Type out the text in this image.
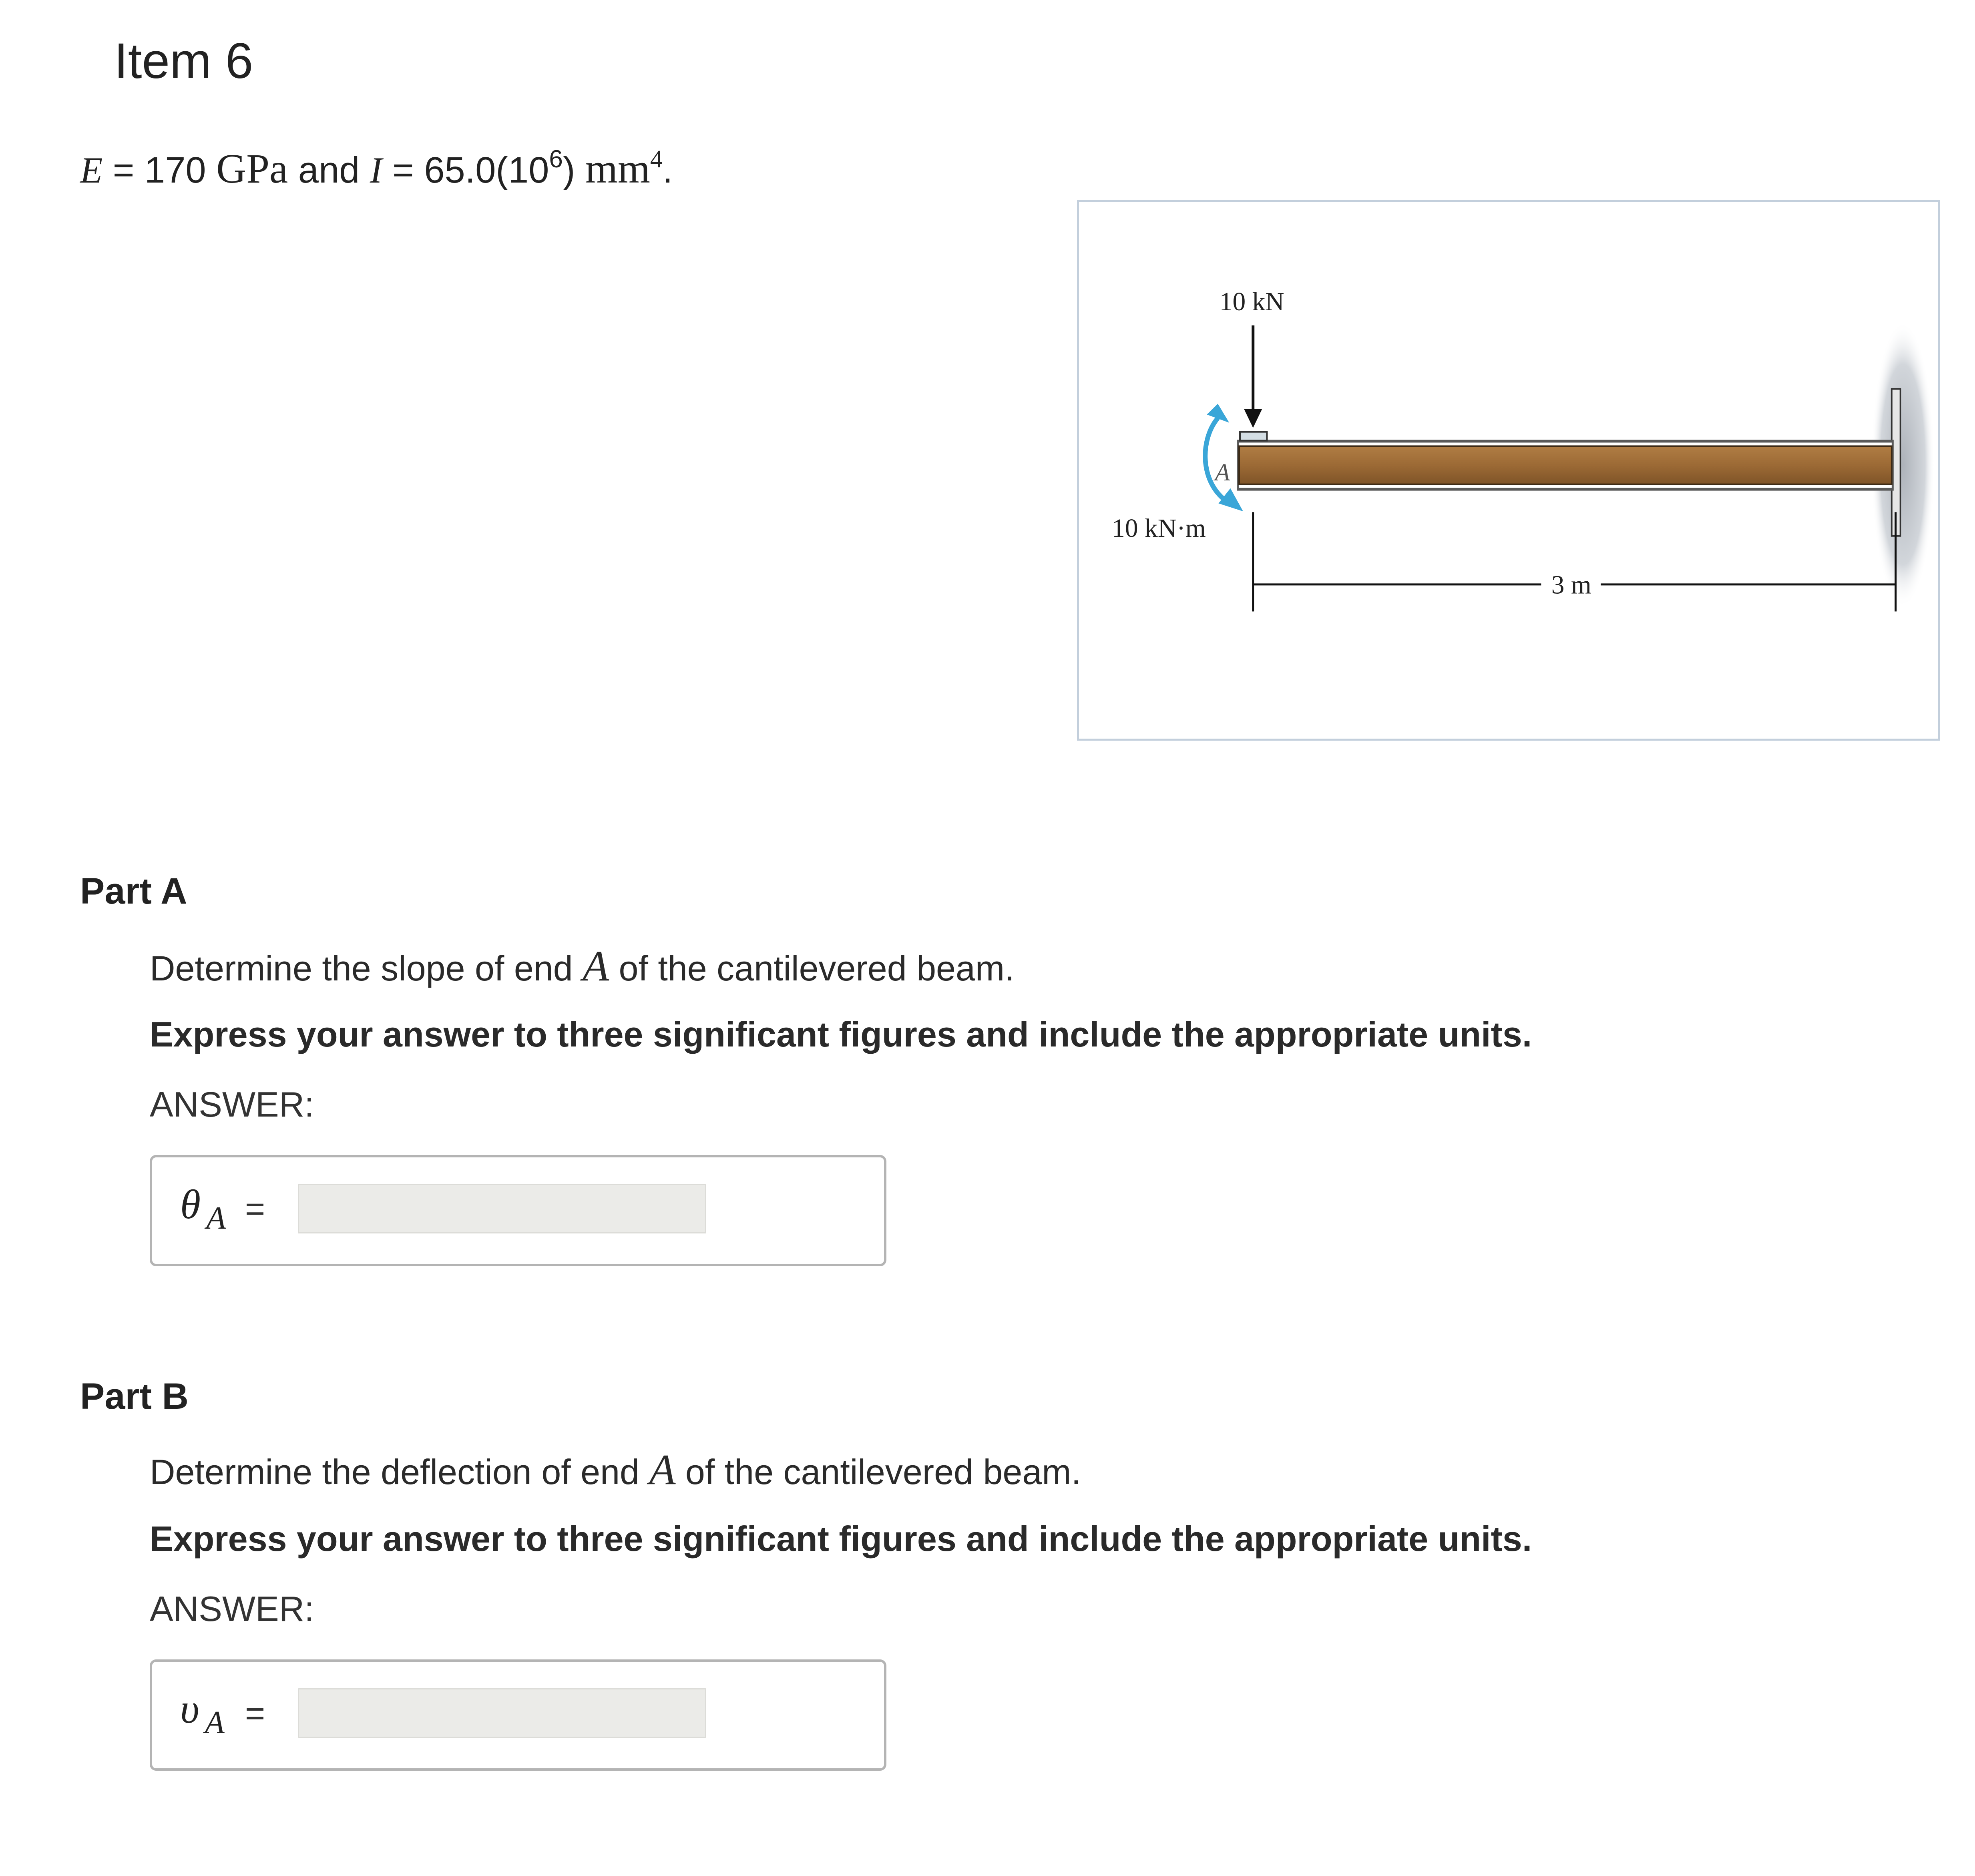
Item 6
E = 170 GPa and $I = 65.0(10^6)$ $mm^4$.
10 kN
A
10 kN·m
3 m
Part A
Determine the slope of end A of the cantilevered beam.
Express your answer to three significant figures and include the appropriate units.
ANSWER:
θ $_A$ =
Part B
Determine the deflection of end A of the cantilevered beam.
Express your answer to three significant figures and include the appropriate units.
ANSWER:
υ $_A$ =
